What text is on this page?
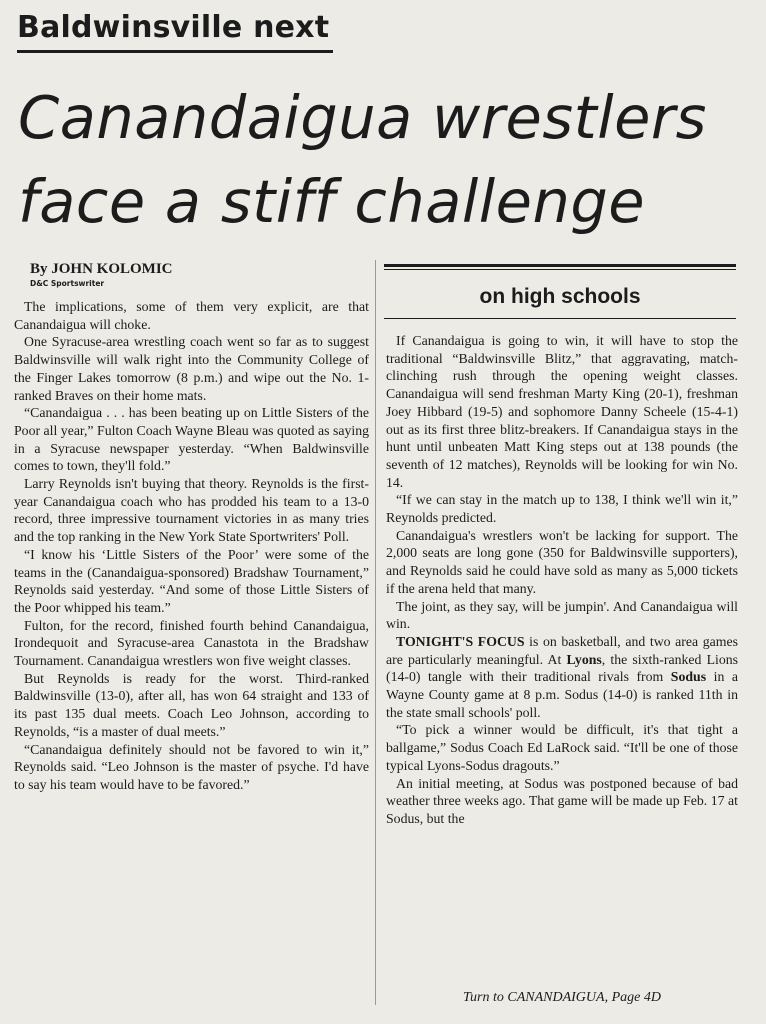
Baldwinsville next
Canandaigua wrestlers
face a stiff challenge
By JOHN KOLOMIC
D&C Sportswriter

The implications, some of them very explicit, are that Canandaigua will choke.

One Syracuse-area wrestling coach went so far as to suggest Baldwinsville will walk right into the Community College of the Finger Lakes tomorrow (8 p.m.) and wipe out the No. 1-ranked Braves on their home mats.

“Canandaigua . . . has been beating up on Little Sisters of the Poor all year,” Fulton Coach Wayne Bleau was quoted as saying in a Syracuse newspaper yesterday. “When Baldwinsville comes to town, they'll fold.”

Larry Reynolds isn't buying that theory. Reynolds is the first-year Canandaigua coach who has prodded his team to a 13-0 record, three impressive tournament victories in as many tries and the top ranking in the New York State Sportwriters' Poll.

“I know his ‘Little Sisters of the Poor’ were some of the teams in the (Canandaigua-sponsored) Bradshaw Tournament,” Reynolds said yesterday. “And some of those Little Sisters of the Poor whipped his team.”

Fulton, for the record, finished fourth behind Canandaigua, Irondequoit and Syracuse-area Canastota in the Bradshaw Tournament. Canandaigua wrestlers won five weight classes.

But Reynolds is ready for the worst. Third-ranked Baldwinsville (13-0), after all, has won 64 straight and 133 of its past 135 dual meets. Coach Leo Johnson, according to Reynolds, “is a master of dual meets.”

“Canandaigua definitely should not be favored to win it,” Reynolds said. “Leo Johnson is the master of psyche. I'd have to say his team would have to be favored.”

on high schools

If Canandaigua is going to win, it will have to stop the traditional “Baldwinsville Blitz,” that aggravating, match-clinching rush through the opening weight classes. Canandaigua will send freshman Marty King (20-1), freshman Joey Hibbard (19-5) and sophomore Danny Scheele (15-4-1) out as its first three blitz-breakers. If Canandaigua stays in the hunt until unbeaten Matt King steps out at 138 pounds (the seventh of 12 matches), Reynolds will be looking for win No. 14.

“If we can stay in the match up to 138, I think we'll win it,” Reynolds predicted.

Canandaigua's wrestlers won't be lacking for support. The 2,000 seats are long gone (350 for Baldwinsville supporters), and Reynolds said he could have sold as many as 5,000 tickets if the arena held that many.

The joint, as they say, will be jumpin'. And Canandaigua will win.

TONIGHT'S FOCUS is on basketball, and two area games are particularly meaningful. At Lyons, the sixth-ranked Lions (14-0) tangle with their traditional rivals from Sodus in a Wayne County game at 8 p.m. Sodus (14-0) is ranked 11th in the state small schools' poll.

“To pick a winner would be difficult, it's that tight a ballgame,” Sodus Coach Ed LaRock said. “It'll be one of those typical Lyons-Sodus dragouts.”

An initial meeting, at Sodus was postponed because of bad weather three weeks ago. That game will be made up Feb. 17 at Sodus, but the

Turn to CANANDAIGUA, Page 4D
